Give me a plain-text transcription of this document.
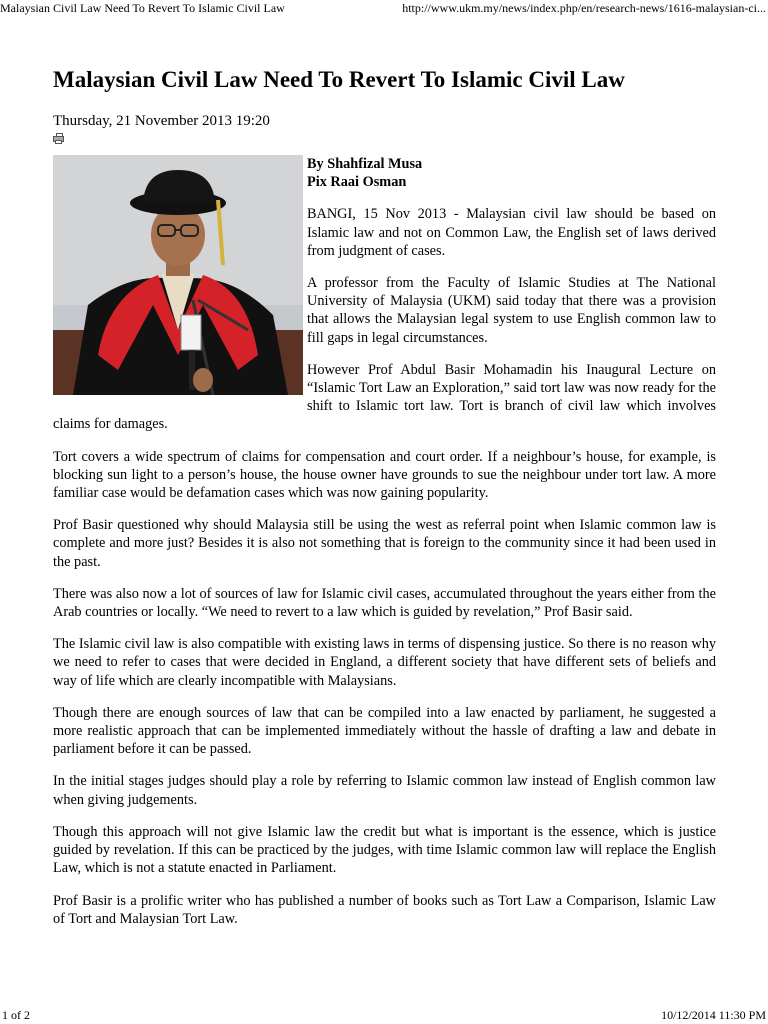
Malaysian Civil Law Need To Revert To Islamic Civil Law	http://www.ukm.my/news/index.php/en/research-news/1616-malaysian-ci...
Malaysian Civil Law Need To Revert To Islamic Civil Law
Thursday, 21 November 2013 19:20
By Shahfizal Musa
Pix Raai Osman

BANGI, 15 Nov 2013 - Malaysian civil law should be based on Islamic law and not on Common Law, the English set of laws derived from judgment of cases.

A professor from the Faculty of Islamic Studies at The National University of Malaysia (UKM) said today that there was a provision that allows the Malaysian legal system to use English common law to fill gaps in legal circumstances.

However Prof Abdul Basir Mohamadin his Inaugural Lecture on “Islamic Tort Law an Exploration,” said tort law was now ready for the shift to Islamic tort law. Tort is branch of civil law which involves claims for damages.

Tort covers a wide spectrum of claims for compensation and court order. If a neighbour’s house, for example, is blocking sun light to a person’s house, the house owner have grounds to sue the neighbour under tort law. A more familiar case would be defamation cases which was now gaining popularity.

Prof Basir questioned why should Malaysia still be using the west as referral point when Islamic common law is complete and more just? Besides it is also not something that is foreign to the community since it had been used in the past.

There was also now a lot of sources of law for Islamic civil cases, accumulated throughout the years either from the Arab countries or locally. “We need to revert to a law which is guided by revelation,” Prof Basir said.

The Islamic civil law is also compatible with existing laws in terms of dispensing justice. So there is no reason why we need to refer to cases that were decided in England, a different society that have different sets of beliefs and way of life which are clearly incompatible with Malaysians.

Though there are enough sources of law that can be compiled into a law enacted by parliament, he suggested a more realistic approach that can be implemented immediately without the hassle of drafting a law and debate in parliament before it can be passed.

In the initial stages judges should play a role by referring to Islamic common law instead of English common law when giving judgements.

Though this approach will not give Islamic law the credit but what is important is the essence, which is justice guided by revelation. If this can be practiced by the judges, with time Islamic common law will replace the English Law, which is not a statute enacted in Parliament.

Prof Basir is a prolific writer who has published a number of books such as Tort Law a Comparison, Islamic Law of Tort and Malaysian Tort Law.

1 of 2	10/12/2014 11:30 PM
